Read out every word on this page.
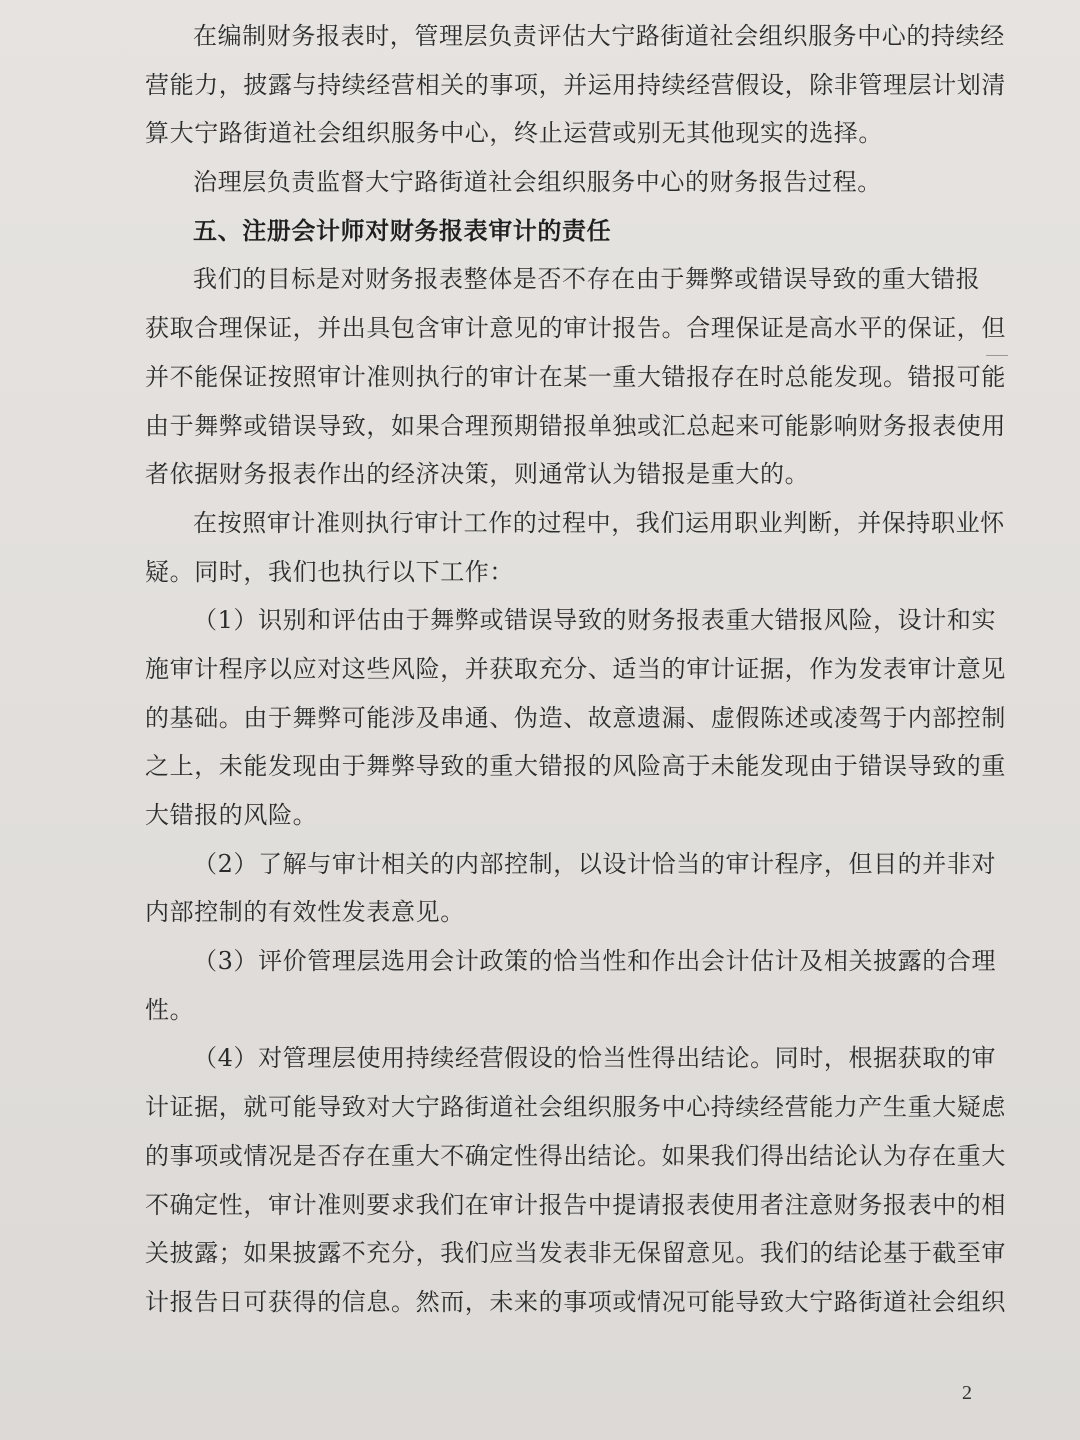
在编制财务报表时，管理层负责评估大宁路街道社会组织服务中心的持续经
营能力，披露与持续经营相关的事项，并运用持续经营假设，除非管理层计划清
算大宁路街道社会组织服务中心，终止运营或别无其他现实的选择。
治理层负责监督大宁路街道社会组织服务中心的财务报告过程。
五、注册会计师对财务报表审计的责任
我们的目标是对财务报表整体是否不存在由于舞弊或错误导致的重大错报
获取合理保证，并出具包含审计意见的审计报告。合理保证是高水平的保证，但
并不能保证按照审计准则执行的审计在某一重大错报存在时总能发现。错报可能
由于舞弊或错误导致，如果合理预期错报单独或汇总起来可能影响财务报表使用
者依据财务报表作出的经济决策，则通常认为错报是重大的。
在按照审计准则执行审计工作的过程中，我们运用职业判断，并保持职业怀
疑。同时，我们也执行以下工作：
（1）识别和评估由于舞弊或错误导致的财务报表重大错报风险，设计和实
施审计程序以应对这些风险，并获取充分、适当的审计证据，作为发表审计意见
的基础。由于舞弊可能涉及串通、伪造、故意遗漏、虚假陈述或凌驾于内部控制
之上，未能发现由于舞弊导致的重大错报的风险高于未能发现由于错误导致的重
大错报的风险。
（2）了解与审计相关的内部控制，以设计恰当的审计程序，但目的并非对
内部控制的有效性发表意见。
（3）评价管理层选用会计政策的恰当性和作出会计估计及相关披露的合理
性。
（4）对管理层使用持续经营假设的恰当性得出结论。同时，根据获取的审
计证据，就可能导致对大宁路街道社会组织服务中心持续经营能力产生重大疑虑
的事项或情况是否存在重大不确定性得出结论。如果我们得出结论认为存在重大
不确定性，审计准则要求我们在审计报告中提请报表使用者注意财务报表中的相
关披露；如果披露不充分，我们应当发表非无保留意见。我们的结论基于截至审
计报告日可获得的信息。然而，未来的事项或情况可能导致大宁路街道社会组织
2
